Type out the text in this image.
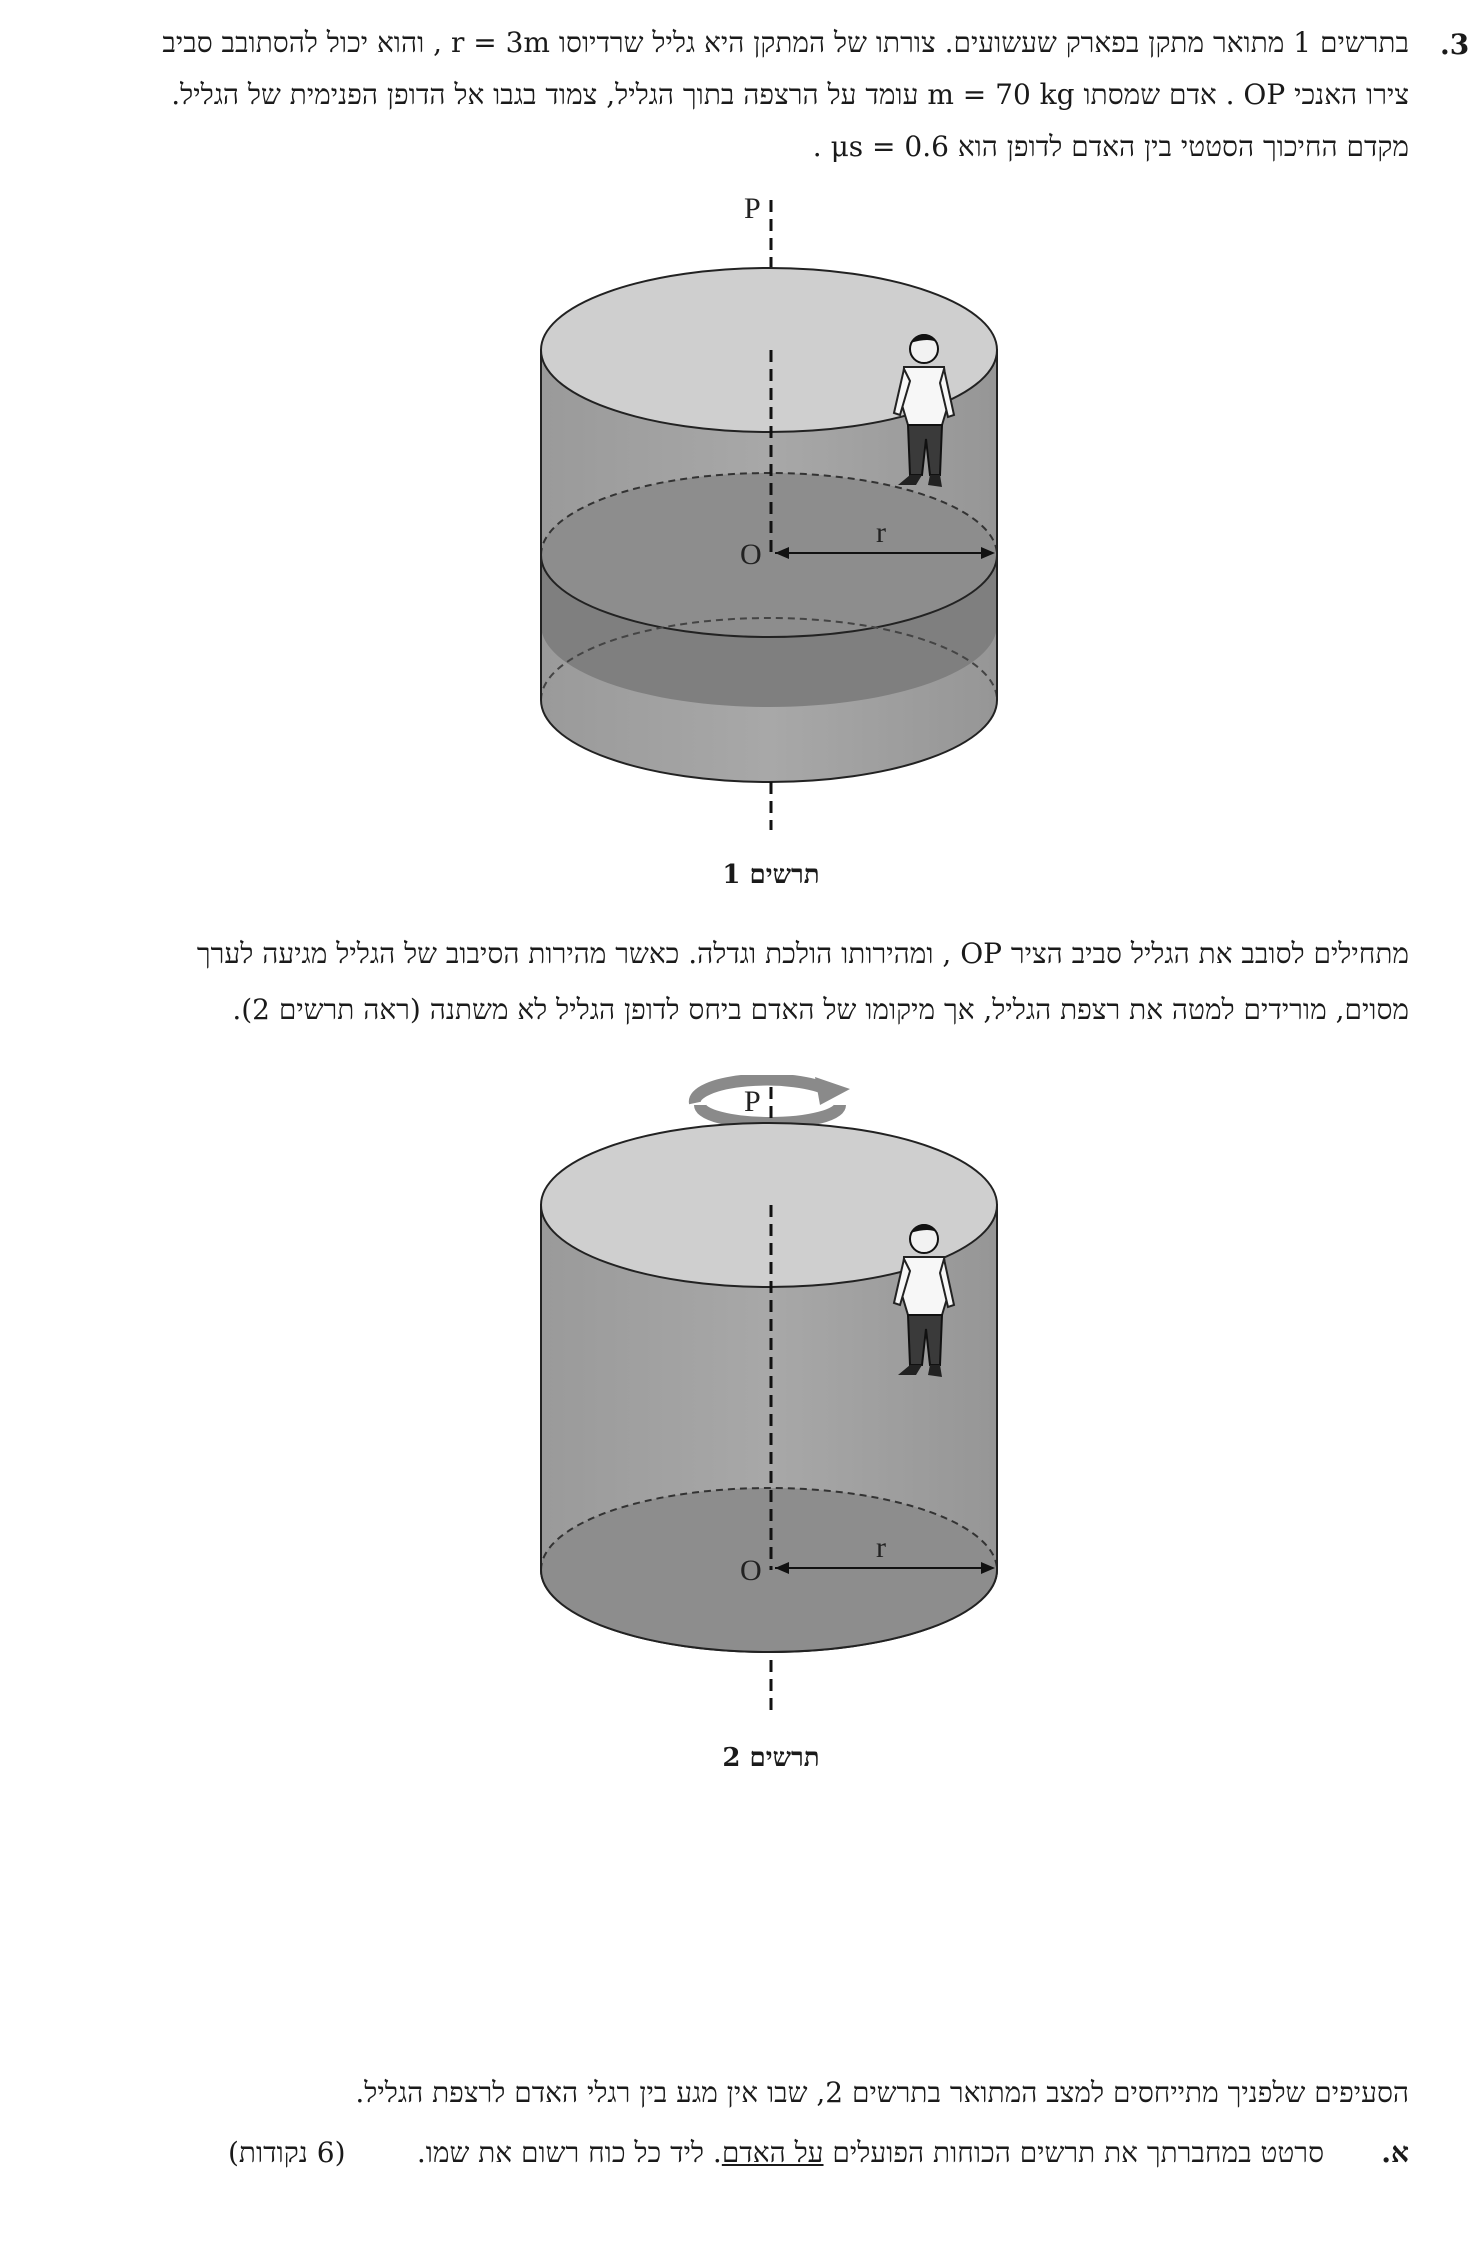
.3
בתרשים 1 מתואר מתקן בפארק שעשועים. צורתו של המתקן היא גליל שרדיוסו r = 3m , והוא יכול להסתובב סביב
צירו האנכי OP . אדם שמסתו m = 70 kg עומד על הרצפה בתוך הגליל, צמוד בגבו אל הדופן הפנימית של הגליל.
מקדם החיכוך הסטטי בין האדם לדופן הוא μs = 0.6 .
P
O
r
תרשים 1
מתחילים לסובב את הגליל סביב הציר OP , ומהירותו הולכת וגדלה. כאשר מהירות הסיבוב של הגליל מגיעה לערך
מסוים, מורידים למטה את רצפת הגליל, אך מיקומו של האדם ביחס לדופן הגליל לא משתנה (ראה תרשים 2).
P
O
r
תרשים 2
הסעיפים שלפניך מתייחסים למצב המתואר בתרשים 2, שבו אין מגע בין רגלי האדם לרצפת הגליל.
א.
סרטט במחברתך את תרשים הכוחות הפועלים על האדם. ליד כל כוח רשום את שמו.
(6 נקודות)
